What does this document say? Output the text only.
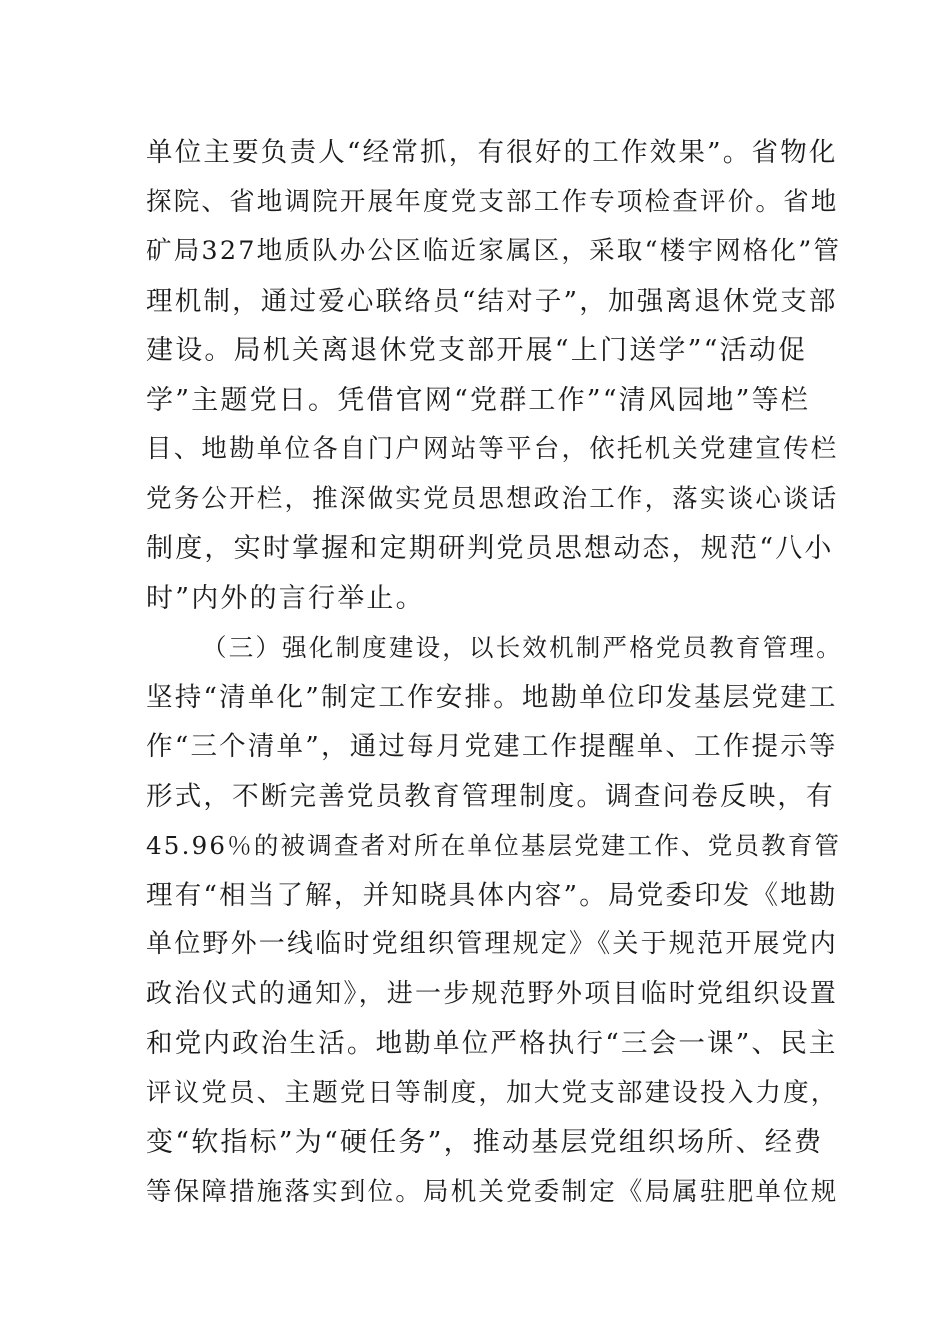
单位主要负责人“经常抓，有很好的工作效果”。省物化
探院、省地调院开展年度党支部工作专项检查评价。省地
矿局327地质队办公区临近家属区，采取“楼宇网格化”管
理机制，通过爱心联络员“结对子”，加强离退休党支部
建设。局机关离退休党支部开展“上门送学”“活动促
学”主题党日。凭借官网“党群工作”“清风园地”等栏
目、地勘单位各自门户网站等平台，依托机关党建宣传栏
党务公开栏，推深做实党员思想政治工作，落实谈心谈话
制度，实时掌握和定期研判党员思想动态，规范“八小
时”内外的言行举止。
（三）强化制度建设，以长效机制严格党员教育管理。
坚持“清单化”制定工作安排。地勘单位印发基层党建工
作“三个清单”，通过每月党建工作提醒单、工作提示等
形式，不断完善党员教育管理制度。调查问卷反映，有
45.96％的被调查者对所在单位基层党建工作、党员教育管
理有“相当了解，并知晓具体内容”。局党委印发《地勘
单位野外一线临时党组织管理规定》《关于规范开展党内
政治仪式的通知》，进一步规范野外项目临时党组织设置
和党内政治生活。地勘单位严格执行“三会一课”、民主
评议党员、主题党日等制度，加大党支部建设投入力度，
变“软指标”为“硬任务”，推动基层党组织场所、经费
等保障措施落实到位。局机关党委制定《局属驻肥单位规
